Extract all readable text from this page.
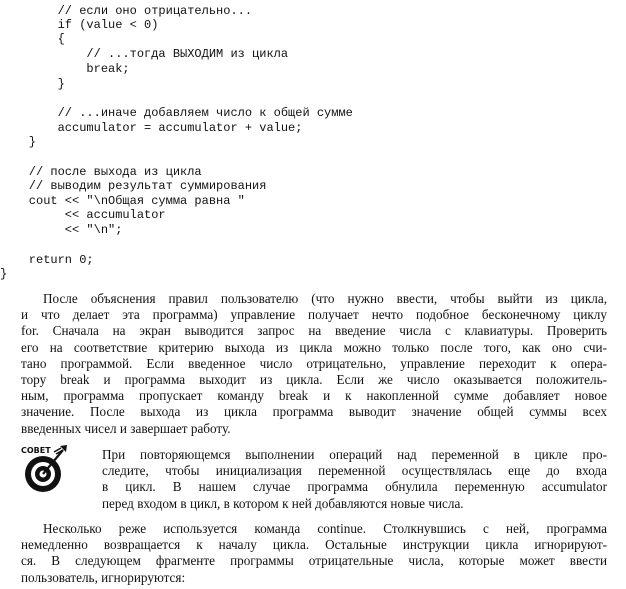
// если оно отрицательно...
if (value < 0)
{
// ...тогда ВЫХОДИМ из цикла
break;
}
// ...иначе добавляем число к общей сумме
accumulator = accumulator + value;
}
// после выхода из цикла
// выводим результат суммирования
cout << "\nОбщая сумма равна "
<< accumulator
<< "\n";
return 0;
}

После объяснения правил пользователю (что нужно ввести, чтобы выйти из цикла,
и что делает эта программа) управление получает нечто подобное бесконечному циклу
for. Сначала на экран выводится запрос на введение числа с клавиатуры. Проверить
его на соответствие критерию выхода из цикла можно только после того, как оно счи-
тано программой. Если введенное число отрицательно, управление переходит к опера-
тору break и программа выходит из цикла. Если же число оказывается положитель-
ным, программа пропускает команду break и к накопленной сумме добавляет новое
значение. После выхода из цикла программа выводит значение общей суммы всех
введенных чисел и завершает работу.

СОВЕТ	При повторяющемся выполнении операций над переменной в цикле про-
следите, чтобы инициализация переменной осуществлялась еще до входа
в цикл. В нашем случае программа обнулила переменную accumulator
перед входом в цикл, в котором к ней добавляются новые числа.

Несколько реже используется команда continue. Столкнувшись с ней, программа
немедленно возвращается к началу цикла. Остальные инструкции цикла игнорируют-
ся. В следующем фрагменте программы отрицательные числа, которые может ввести
пользователь, игнорируются:
